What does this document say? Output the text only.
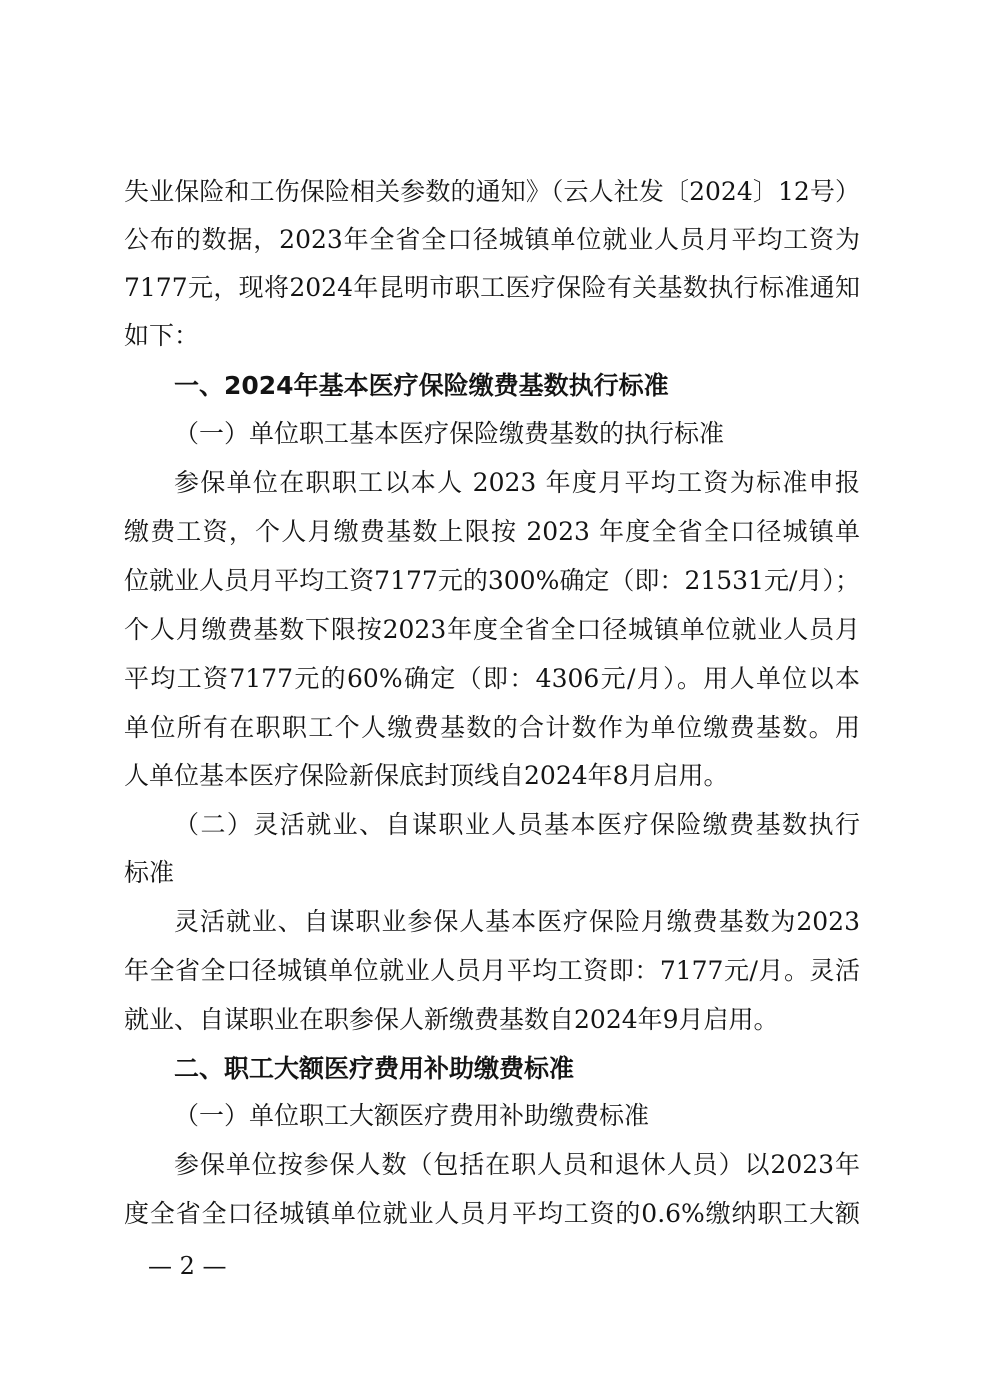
失业保险和工伤保险相关参数的通知》（云人社发〔2024〕12号）
公布的数据，2023年全省全口径城镇单位就业人员月平均工资为
7177元，现将2024年昆明市职工医疗保险有关基数执行标准通知
如下：
一、2024年基本医疗保险缴费基数执行标准
（一）单位职工基本医疗保险缴费基数的执行标准
参保单位在职职工以本人 2023 年度月平均工资为标准申报
缴费工资，个人月缴费基数上限按 2023 年度全省全口径城镇单
位就业人员月平均工资7177元的300%确定（即：21531元/月）；
个人月缴费基数下限按2023年度全省全口径城镇单位就业人员月
平均工资7177元的60%确定（即：4306元/月）。用人单位以本
单位所有在职职工个人缴费基数的合计数作为单位缴费基数。用
人单位基本医疗保险新保底封顶线自2024年8月启用。
（二）灵活就业、自谋职业人员基本医疗保险缴费基数执行
标准
灵活就业、自谋职业参保人基本医疗保险月缴费基数为2023
年全省全口径城镇单位就业人员月平均工资即：7177元/月。灵活
就业、自谋职业在职参保人新缴费基数自2024年9月启用。
二、职工大额医疗费用补助缴费标准
（一）单位职工大额医疗费用补助缴费标准
参保单位按参保人数（包括在职人员和退休人员）以2023年
度全省全口径城镇单位就业人员月平均工资的0.6%缴纳职工大额
— 2 —
